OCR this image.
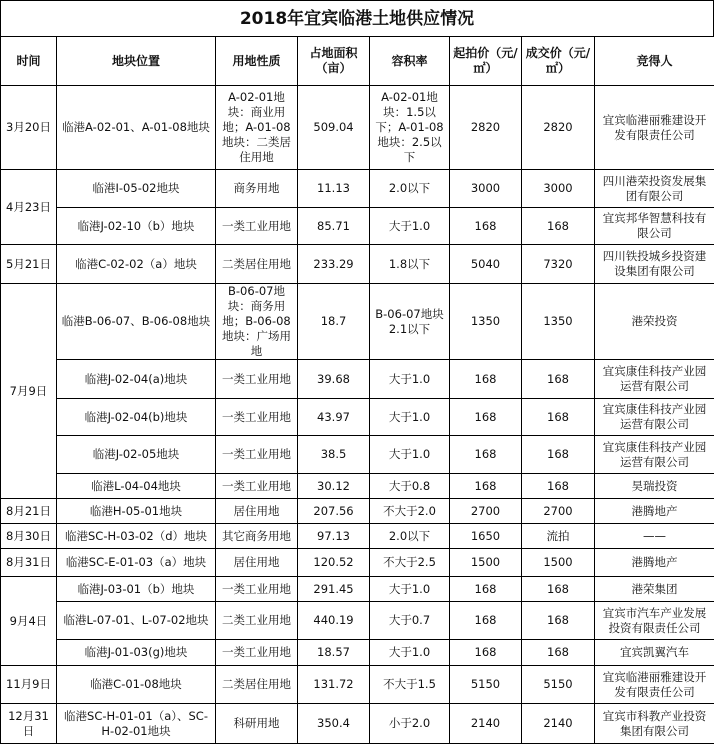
2018年宜宾临港土地供应情况
时间	地块位置	用地性质	占地面积（亩）	容积率	起拍价（元/㎡）	成交价（元/㎡）	竞得人
3月20日	临港A-02-01、A-01-08地块	A-02-01地块：商业用地；A-01-08地块：二类居住用地	509.04	A-02-01地块：1.5以下；A-01-08地块：2.5以下	2820	2820	宜宾临港丽雅建设开发有限责任公司
4月23日	临港I-05-02地块	商务用地	11.13	2.0以下	3000	3000	四川港荣投资发展集团有限公司
	临港J-02-10（b）地块	一类工业用地	85.71	大于1.0	168	168	宜宾邦华智慧科技有限公司
5月21日	临港C-02-02（a）地块	二类居住用地	233.29	1.8以下	5040	7320	四川铁投城乡投资建设集团有限公司
7月9日	临港B-06-07、B-06-08地块	B-06-07地块：商务用地；B-06-08地块：广场用地	18.7	B-06-07地块2.1以下	1350	1350	港荣投资
	临港J-02-04(a)地块	一类工业用地	39.68	大于1.0	168	168	宜宾康佳科技产业园运营有限公司
	临港J-02-04(b)地块	一类工业用地	43.97	大于1.0	168	168	宜宾康佳科技产业园运营有限公司
	临港J-02-05地块	一类工业用地	38.5	大于1.0	168	168	宜宾康佳科技产业园运营有限公司
	临港L-04-04地块	一类工业用地	30.12	大于0.8	168	168	昊瑞投资
8月21日	临港H-05-01地块	居住用地	207.56	不大于2.0	2700	2700	港腾地产
8月30日	临港SC-H-03-02（d）地块	其它商务用地	97.13	2.0以下	1650	流拍	——
8月31日	临港SC-E-01-03（a）地块	居住用地	120.52	不大于2.5	1500	1500	港腾地产
9月4日	临港J-03-01（b）地块	一类工业用地	291.45	大于1.0	168	168	港荣集团
	临港L-07-01、L-07-02地块	二类工业用地	440.19	大于0.7	168	168	宜宾市汽车产业发展投资有限责任公司
	临港J-01-03(g)地块	一类工业用地	18.57	大于1.0	168	168	宜宾凯翼汽车
11月9日	临港C-01-08地块	二类居住用地	131.72	不大于1.5	5150	5150	宜宾临港丽雅建设开发有限责任公司
12月31日	临港SC-H-01-01（a）、SC-H-02-01地块	科研用地	350.4	小于2.0	2140	2140	宜宾市科教产业投资集团有限公司
